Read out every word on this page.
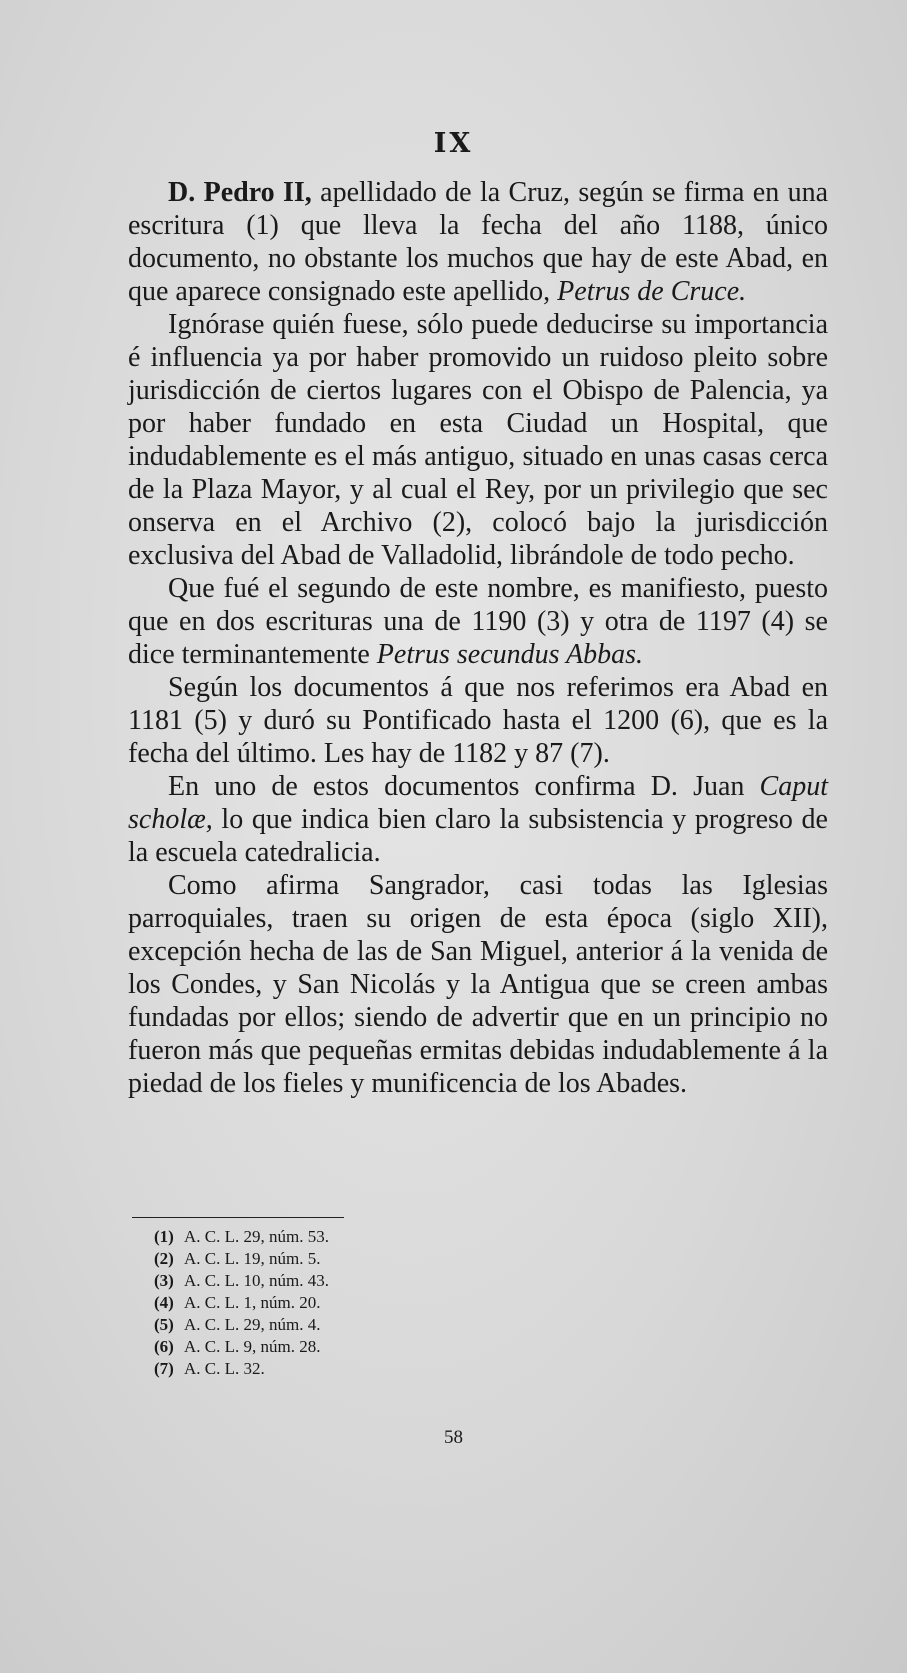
IX

D. Pedro II, apellidado de la Cruz, según se firma en una escritura (1) que lleva la fecha del año 1188, único documento, no obstante los muchos que hay de este Abad, en que aparece consignado este apellido, Petrus de Cruce.

Ignórase quién fuese, sólo puede deducirse su importancia é influencia ya por haber promovido un ruidoso pleito sobre jurisdicción de ciertos lugares con el Obispo de Palencia, ya por haber fundado en esta Ciudad un Hospital, que indudablemente es el más antiguo, situado en unas casas cerca de la Plaza Mayor, y al cual el Rey, por un privilegio que sec onserva en el Archivo (2), colocó bajo la jurisdicción exclusiva del Abad de Valladolid, librándole de todo pecho.

Que fué el segundo de este nombre, es manifiesto, puesto que en dos escrituras una de 1190 (3) y otra de 1197 (4) se dice terminantemente Petrus secundus Abbas.

Según los documentos á que nos referimos era Abad en 1181 (5) y duró su Pontificado hasta el 1200 (6), que es la fecha del último. Les hay de 1182 y 87 (7).

En uno de estos documentos confirma D. Juan Caput scholæ, lo que indica bien claro la subsistencia y progreso de la escuela catedralicia.

Como afirma Sangrador, casi todas las Iglesias parroquiales, traen su origen de esta época (siglo XII), excepción hecha de las de San Miguel, anterior á la venida de los Condes, y San Nicolás y la Antigua que se creen ambas fundadas por ellos; siendo de advertir que en un principio no fueron más que pequeñas ermitas debidas indudablemente á la piedad de los fieles y munificencia de los Abades.

(1) A. C. L. 29, núm. 53.
(2) A. C. L. 19, núm. 5.
(3) A. C. L. 10, núm. 43.
(4) A. C. L. 1, núm. 20.
(5) A. C. L. 29, núm. 4.
(6) A. C. L. 9, núm. 28.
(7) A. C. L. 32.
58
